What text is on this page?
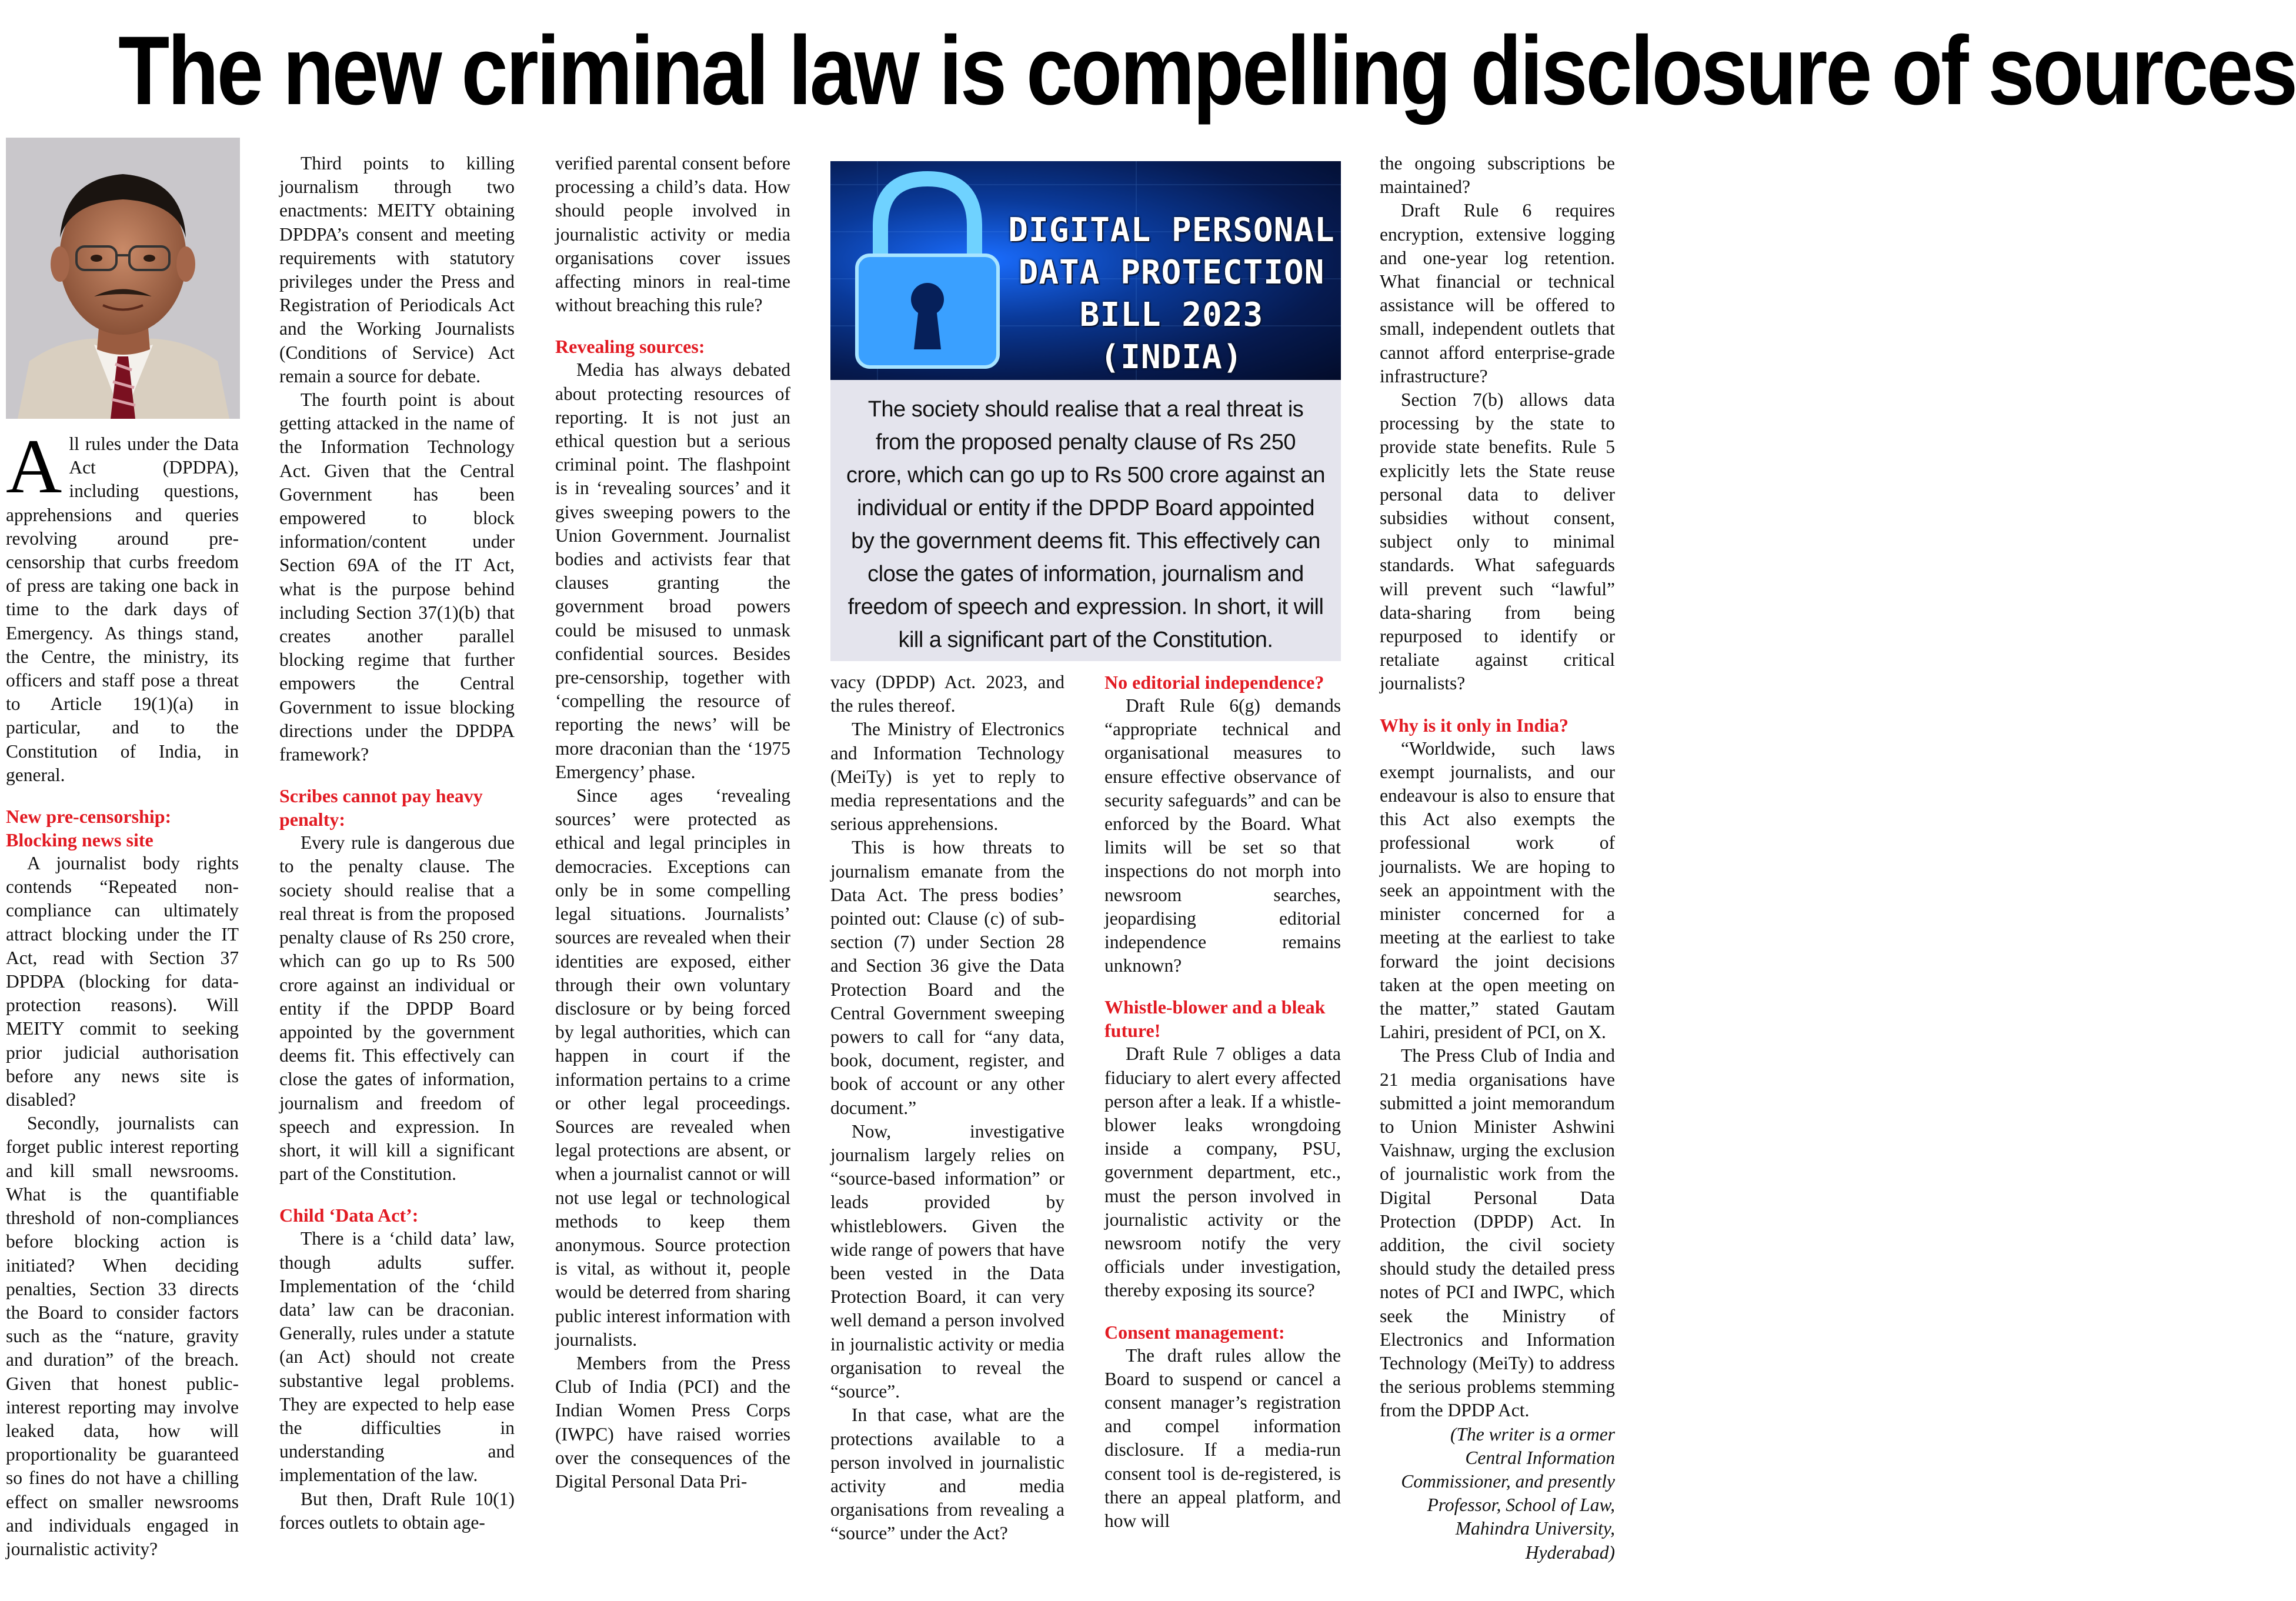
The new criminal law is compelling disclosure of sources

All rules under the Data Act (DPDPA), including questions, apprehensions and queries revolving around pre-censorship that curbs freedom of press are taking one back in time to the dark days of Emergency. As things stand, the Centre, the ministry, its officers and staff pose a threat to Article 19(1)(a) in particular, and to the Constitution of India, in general.

New pre-censorship: Blocking news site

A journalist body rights contends “Repeated non-compliance can ultimately attract blocking under the IT Act, read with Section 37 DPDPA (blocking for data-protection reasons). Will MEITY commit to seeking prior judicial authorisation before any news site is disabled?

Secondly, journalists can forget public interest reporting and kill small newsrooms. What is the quantifiable threshold of non-compliances before blocking action is initiated? When deciding penalties, Section 33 directs the Board to consider factors such as the “nature, gravity and duration” of the breach. Given that honest public-interest reporting may involve leaked data, how will proportionality be guaranteed so fines do not have a chilling effect on smaller newsrooms and individuals engaged in journalistic activity?

Third points to killing journalism through two enactments: MEITY obtaining DPDPA’s consent and meeting requirements with statutory privileges under the Press and Registration of Periodicals Act and the Working Journalists (Conditions of Service) Act remain a source for debate.

The fourth point is about getting attacked in the name of the Information Technology Act. Given that the Central Government has been empowered to block information/content under Section 69A of the IT Act, what is the purpose behind including Section 37(1)(b) that creates another parallel blocking regime that further empowers the Central Government to issue blocking directions under the DPDPA framework?

Scribes cannot pay heavy penalty:

Every rule is dangerous due to the penalty clause. The society should realise that a real threat is from the proposed penalty clause of Rs 250 crore, which can go up to Rs 500 crore against an individual or entity if the DPDP Board appointed by the government deems fit. This effectively can close the gates of information, journalism and freedom of speech and expression. In short, it will kill a significant part of the Constitution.

Child ‘Data Act’:

There is a ‘child data’ law, though adults suffer. Implementation of the ‘child data’ law can be draconian. Generally, rules under a statute (an Act) should not create substantive legal problems. They are expected to help ease the difficulties in understanding and implementation of the law.

But then, Draft Rule 10(1) forces outlets to obtain age-

verified parental consent before processing a child’s data. How should people involved in journalistic activity or media organisations cover issues affecting minors in real-time without breaching this rule?

Revealing sources:

Media has always debated about protecting resources of reporting. It is not just an ethical question but a serious criminal point. The flashpoint is in ‘revealing sources’ and it gives sweeping powers to the Union Government. Journalist bodies and activists fear that clauses granting the government broad powers could be misused to unmask confidential sources. Besides pre-censorship, together with ‘compelling the resource of reporting the news’ will be more draconian than the ‘1975 Emergency’ phase.

Since ages ‘revealing sources’ were protected as ethical and legal principles in democracies. Exceptions can only be in some compelling legal situations. Journalists’ sources are revealed when their identities are exposed, either through their own voluntary disclosure or by being forced by legal authorities, which can happen in court if the information pertains to a crime or other legal proceedings. Sources are revealed when legal protections are absent, or when a journalist cannot or will not use legal or technological methods to keep them anonymous. Source protection is vital, as without it, people would be deterred from sharing public interest information with journalists.

Members from the Press Club of India (PCI) and the Indian Women Press Corps (IWPC) have raised worries over the consequences of the Digital Personal Data Pri-

DIGITAL PERSONAL
DATA PROTECTION
BILL 2023 (INDIA)
The society should realise that a real threat is from the proposed penalty clause of Rs 250 crore, which can go up to Rs 500 crore against an individual or entity if the DPDP Board appointed by the government deems fit. This effectively can close the gates of information, journalism and freedom of speech and expression. In short, it will kill a significant part of the Constitution.

vacy (DPDP) Act. 2023, and the rules thereof.

The Ministry of Electronics and Information Technology (MeiTy) is yet to reply to media representations and the serious apprehensions.

This is how threats to journalism emanate from the Data Act. The press bodies’ pointed out: Clause (c) of sub-section (7) under Section 28 and Section 36 give the Data Protection Board and the Central Government sweeping powers to call for “any data, book, document, register, and book of account or any other document.”

Now, investigative journalism largely relies on “source-based information” or leads provided by whistleblowers. Given the wide range of powers that have been vested in the Data Protection Board, it can very well demand a person involved in journalistic activity or media organisation to reveal the “source”.

In that case, what are the protections available to a person involved in journalistic activity and media organisations from revealing a “source” under the Act?

No editorial independence?

Draft Rule 6(g) demands “appropriate technical and organisational measures to ensure effective observance of security safeguards” and can be enforced by the Board. What limits will be set so that inspections do not morph into newsroom searches, jeopardising editorial independence remains unknown?

Whistle-blower and a bleak future!

Draft Rule 7 obliges a data fiduciary to alert every affected person after a leak. If a whistle-blower leaks wrongdoing inside a company, PSU, government department, etc., must the person involved in journalistic activity or the newsroom notify the very officials under investigation, thereby exposing its source?

Consent management:

The draft rules allow the Board to suspend or cancel a consent manager’s registration and compel information disclosure. If a media-run consent tool is de-registered, is there an appeal platform, and how will

the ongoing subscriptions be maintained?

Draft Rule 6 requires encryption, extensive logging and one-year log retention. What financial or technical assistance will be offered to small, independent outlets that cannot afford enterprise-grade infrastructure?

Section 7(b) allows data processing by the state to provide state benefits. Rule 5 explicitly lets the State reuse personal data to deliver subsidies without consent, subject only to minimal standards. What safeguards will prevent such “lawful” data-sharing from being repurposed to identify or retaliate against critical journalists?

Why is it only in India?

“Worldwide, such laws exempt journalists, and our endeavour is also to ensure that this Act also exempts the professional work of journalists. We are hoping to seek an appointment with the minister concerned for a meeting at the earliest to take forward the joint decisions taken at the open meeting on the matter,” stated Gautam Lahiri, president of PCI, on X.

The Press Club of India and 21 media organisations have submitted a joint memorandum to Union Minister Ashwini Vaishnaw, urging the exclusion of journalistic work from the Digital Personal Data Protection (DPDP) Act. In addition, the civil society should study the detailed press notes of PCI and IWPC, which seek the Ministry of Electronics and Information Technology (MeiTy) to address the serious problems stemming from the DPDP Act.

(The writer is a ormer Central Information Commissioner, and presently Professor, School of Law, Mahindra University, Hyderabad)
